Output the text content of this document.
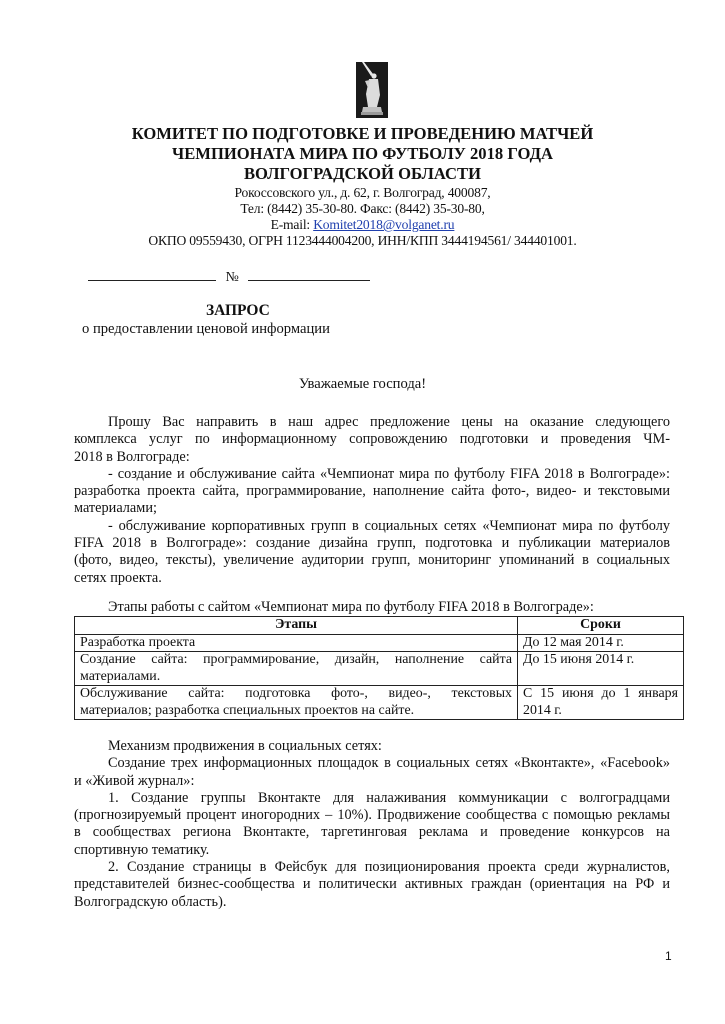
КОМИТЕТ ПО ПОДГОТОВКЕ И ПРОВЕДЕНИЮ МАТЧЕЙ
ЧЕМПИОНАТА МИРА ПО ФУТБОЛУ 2018 ГОДА
ВОЛГОГРАДСКОЙ ОБЛАСТИ
Рокоссовского ул., д. 62, г. Волгоград, 400087,
Тел: (8442) 35-30-80. Факс: (8442) 35-30-80,
E-mail: Komitet2018@volganet.ru
ОКПО 09559430, ОГРН 1123444004200, ИНН/КПП 3444194561/ 344401001.
№
ЗАПРОС
о предоставлении ценовой информации
Уважаемые господа!
Прошу Вас направить в наш адрес предложение цены на оказание следующего
комплекса услуг по информационному сопровождению подготовки и проведения ЧМ-
2018 в Волгограде:
- создание и обслуживание сайта «Чемпионат мира по футболу FIFA 2018 в Волгограде»:
разработка проекта сайта, программирование, наполнение сайта фото-, видео- и текстовыми
материалами;
- обслуживание корпоративных групп в социальных сетях «Чемпионат мира по футболу
FIFA 2018 в Волгограде»: создание дизайна групп, подготовка и публикации материалов
(фото, видео, тексты), увеличение аудитории групп, мониторинг упоминаний в социальных
сетях проекта.
Этапы работы с сайтом «Чемпионат мира по футболу FIFA 2018 в Волгограде»:
Этапы	Сроки
Разработка проекта	До 12 мая 2014 г.

Создание сайта: программирование, дизайн, наполнение сайта
материалами.	До 15 июня 2014 г.

Обслуживание сайта: подготовка фото-, видео-, текстовых
материалов; разработка специальных проектов на сайте.	С 15 июня до 1 января
2014 г.
Механизм продвижения в социальных сетях:
Создание трех информационных площадок в социальных сетях «Вконтакте», «Facebook»
и «Живой журнал»:
1. Создание группы Вконтакте для налаживания коммуникации с волгоградцами
(прогнозируемый процент иногородних – 10%). Продвижение сообщества с помощью рекламы
в сообществах региона Вконтакте, таргетинговая реклама и проведение конкурсов на
спортивную тематику.
2. Создание страницы в Фейсбук для позиционирования проекта среди журналистов,
представителей бизнес-сообщества и политически активных граждан (ориентация на РФ и
Волгоградскую область).
1
